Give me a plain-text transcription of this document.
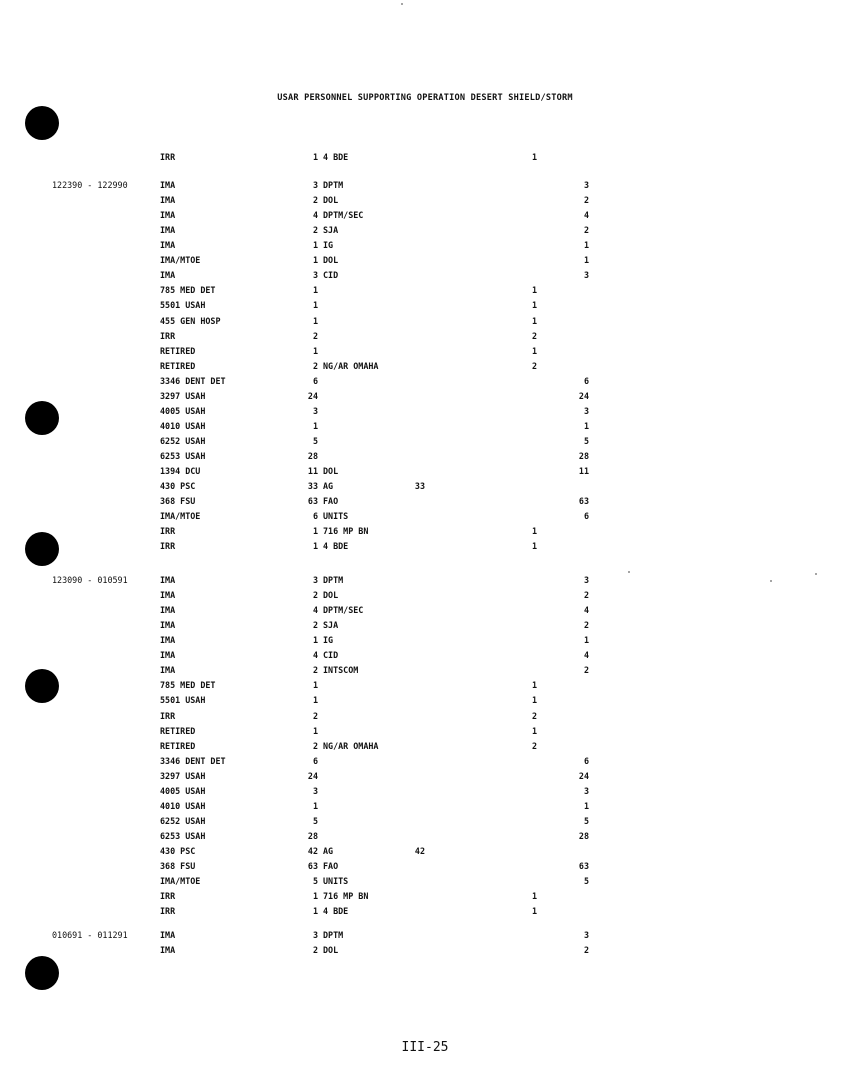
USAR PERSONNEL SUPPORTING OPERATION DESERT SHIELD/STORM
IRR	1 4 BDE	1
122390 - 122990	IMA	3 DPTM	3
IMA	2 DOL	2
IMA	4 DPTM/SEC	4
IMA	2 SJA	2
IMA	1 IG	1
IMA/MTOE	1 DOL	1
IMA	3 CID	3
785 MED DET	1	1
5501 USAH	1	1
455 GEN HOSP	1	1
IRR	2	2
RETIRED	1	1
RETIRED	2 NG/AR OMAHA	2
3346 DENT DET	6	6
3297 USAH	24	24
4005 USAH	3	3
4010 USAH	1	1
6252 USAH	5	5
6253 USAH	28	28
1394 DCU	11 DOL	11
430 PSC	33 AG	33
368 FSU	63 FAO	63
IMA/MTOE	6 UNITS	6
IRR	1 716 MP BN	1
IRR	1 4 BDE	1
123090 - 010591	IMA	3 DPTM	3
IMA	2 DOL	2
IMA	4 DPTM/SEC	4
IMA	2 SJA	2
IMA	1 IG	1
IMA	4 CID	4
IMA	2 INTSCOM	2
785 MED DET	1	1
5501 USAH	1	1
IRR	2	2
RETIRED	1	1
RETIRED	2 NG/AR OMAHA	2
3346 DENT DET	6	6
3297 USAH	24	24
4005 USAH	3	3
4010 USAH	1	1
6252 USAH	5	5
6253 USAH	28	28
430 PSC	42 AG	42
368 FSU	63 FAO	63
IMA/MTOE	5 UNITS	5
IRR	1 716 MP BN	1
IRR	1 4 BDE	1
010691 - 011291	IMA	3 DPTM	3
IMA	2 DOL	2
III-25
